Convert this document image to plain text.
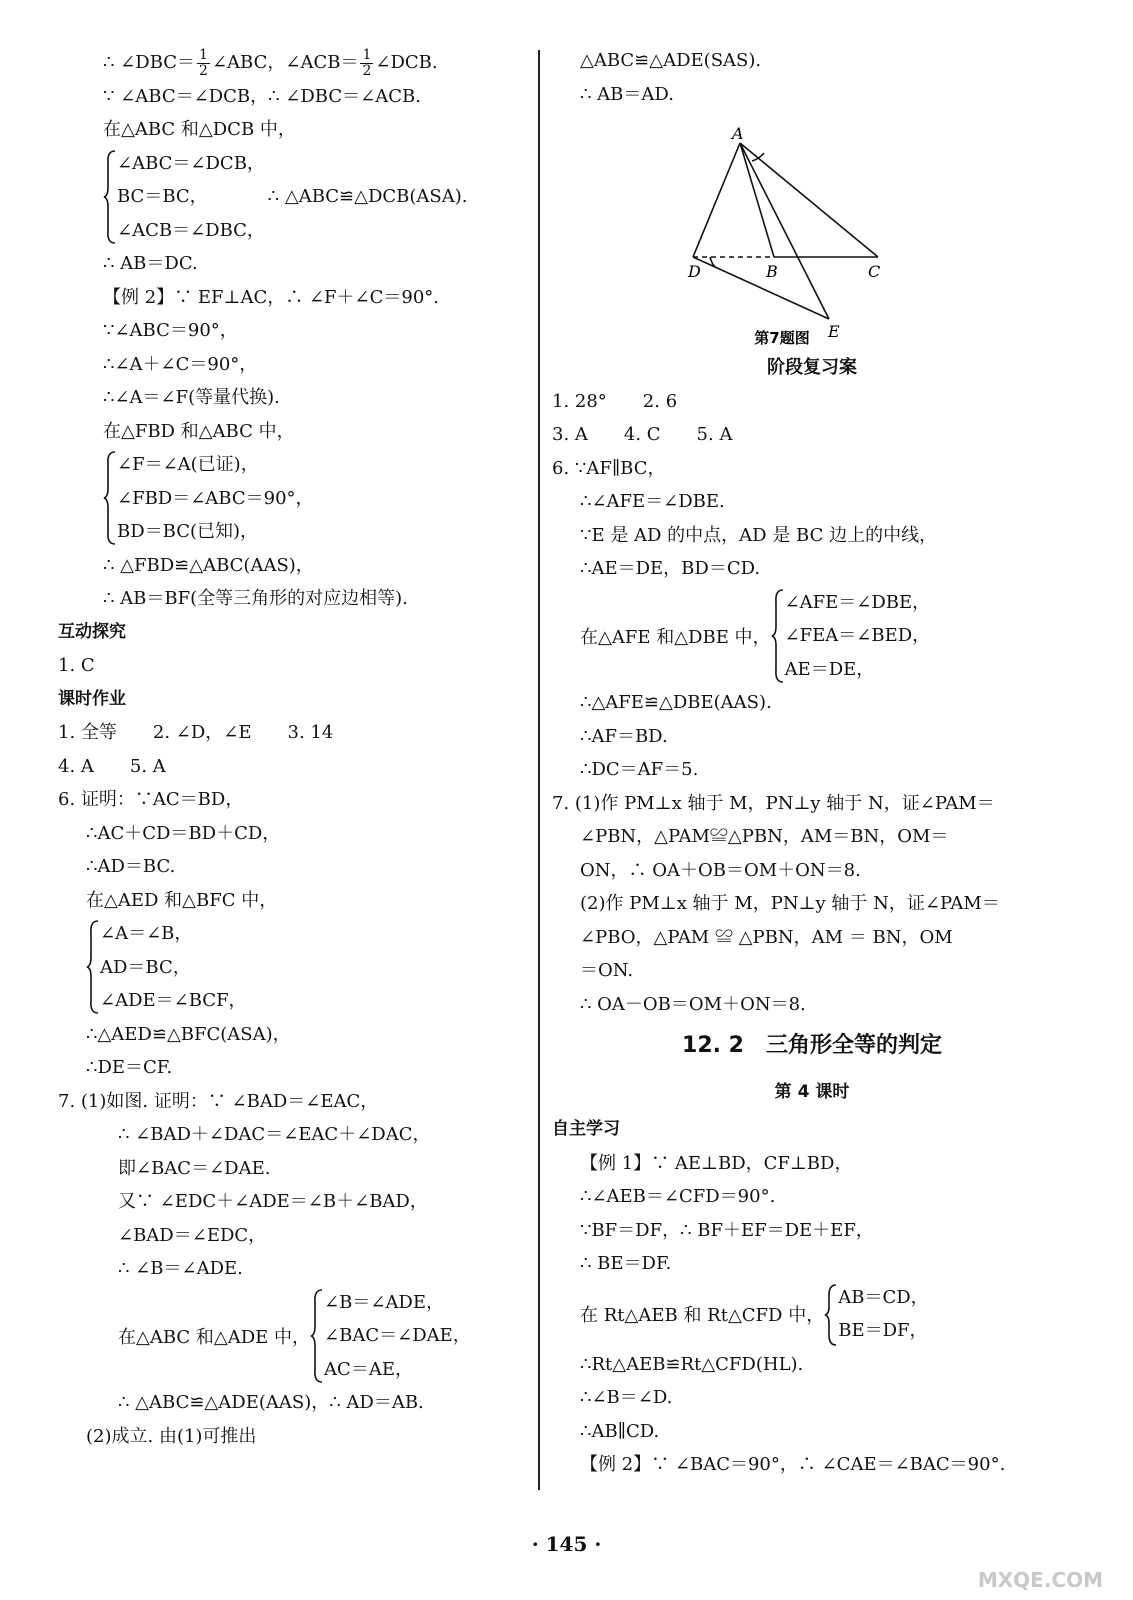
∴ ∠DBC＝ $\frac{1}{2}$ ∠ABC，∠ACB＝ $\frac{1}{2}$ ∠DCB.
∵ ∠ABC＝∠DCB，∴ ∠DBC＝∠ACB.
在△ABC 和△DCB 中，
∠ABC＝∠DCB，
BC＝BC，	∴ △ABC≌△DCB(ASA).
∠ACB＝∠DBC，
∴ AB＝DC.
【例 2】∵ EF⊥AC，∴ ∠F＋∠C＝90°.
∵∠ABC＝90°，
∴∠A＋∠C＝90°，
∴∠A＝∠F(等量代换).
在△FBD 和△ABC 中，
∠F＝∠A(已证)，
∠FBD＝∠ABC＝90°，
BD＝BC(已知)，
∴ △FBD≌△ABC(AAS)，
∴ AB＝BF(全等三角形的对应边相等).
互动探究
1. C
课时作业
1. 全等　　2. ∠D，∠E　　3. 14
4. A　　5. A
6. 证明：∵AC＝BD，
∴AC＋CD＝BD＋CD，
∴AD＝BC.
在△AED 和△BFC 中，
∠A＝∠B，
AD＝BC，
∠ADE＝∠BCF，
∴△AED≌△BFC(ASA)，
∴DE＝CF.
7. (1)如图. 证明：∵ ∠BAD＝∠EAC，
∴ ∠BAD＋∠DAC＝∠EAC＋∠DAC，
即∠BAC＝∠DAE.
又∵ ∠EDC＋∠ADE＝∠B＋∠BAD，
∠BAD＝∠EDC，
∴ ∠B＝∠ADE.
在△ABC 和△ADE 中，
∠B＝∠ADE，
∠BAC＝∠DAE，
AC＝AE，
∴ △ABC≌△ADE(AAS)，∴ AD＝AB.
(2)成立. 由(1)可推出
△ABC≌△ADE(SAS).
∴ AB＝AD.
A
D	B	C
E
第7题图
阶段复习案
1. 28°　　2. 6
3. A　　4. C　　5. A
6. ∵AF∥BC，
∴∠AFE＝∠DBE.
∵E 是 AD 的中点，AD 是 BC 边上的中线，
∴AE＝DE，BD＝CD.
在△AFE 和△DBE 中，
∠AFE＝∠DBE，
∠FEA＝∠BED，
AE＝DE，
∴△AFE≌△DBE(AAS).
∴AF＝BD.
∴DC＝AF＝5.
7. (1)作 PM⊥x 轴于 M，PN⊥y 轴于 N，证∠PAM＝
∠PBN，△PAM≌△PBN，AM＝BN，OM＝
ON，∴ OA＋OB＝OM＋ON＝8.
(2)作 PM⊥x 轴于 M，PN⊥y 轴于 N，证∠PAM＝
∠PBO，△PAM ≌ △PBN，AM ＝ BN，OM
＝ON.
∴ OA－OB＝OM＋ON＝8.
12. 2　三角形全等的判定
第 4 课时
自主学习
【例 1】∵ AE⊥BD，CF⊥BD，
∴∠AEB＝∠CFD＝90°.
∵BF＝DF，∴ BF＋EF＝DE＋EF，
∴ BE＝DF.
在 Rt△AEB 和 Rt△CFD 中，
AB＝CD，
BE＝DF，
∴Rt△AEB≌Rt△CFD(HL).
∴∠B＝∠D.
∴AB∥CD.
【例 2】∵ ∠BAC＝90°，∴ ∠CAE＝∠BAC＝90°.
· 145 ·
MXQE.COM
